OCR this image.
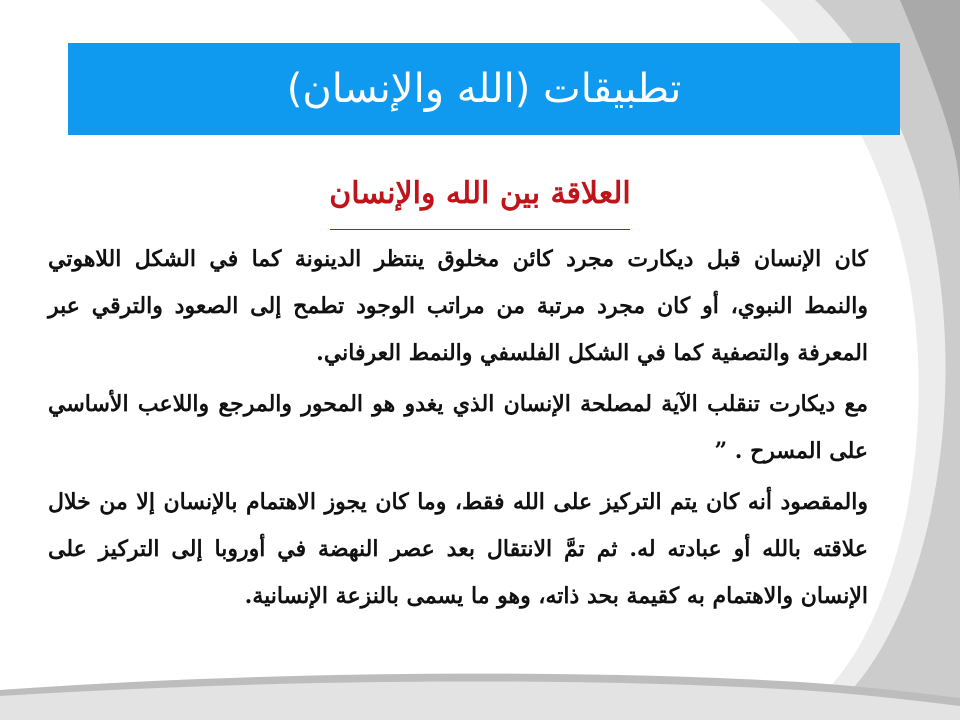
تطبيقات (الله والإنسان)
العلاقة بين الله والإنسان

كان الإنسان قبل ديكارت مجرد كائن مخلوق ينتظر الدينونة كما في الشكل اللاهوتي والنمط النبوي، أو كان مجرد مرتبة من مراتب الوجود تطمح إلى الصعود والترقي عبر المعرفة والتصفية كما في الشكل الفلسفي والنمط العرفاني.

مع ديكارت تنقلب الآية لمصلحة الإنسان الذي يغدو هو المحور والمرجع واللاعب الأساسي على المسرح . ”

والمقصود أنه كان يتم التركيز على الله فقط، وما كان يجوز الاهتمام بالإنسان إلا من خلال علاقته بالله أو عبادته له. ثم تمَّ الانتقال بعد عصر النهضة في أوروبا إلى التركيز على الإنسان والاهتمام به كقيمة بحد ذاته، وهو ما يسمى بالنزعة الإنسانية.
